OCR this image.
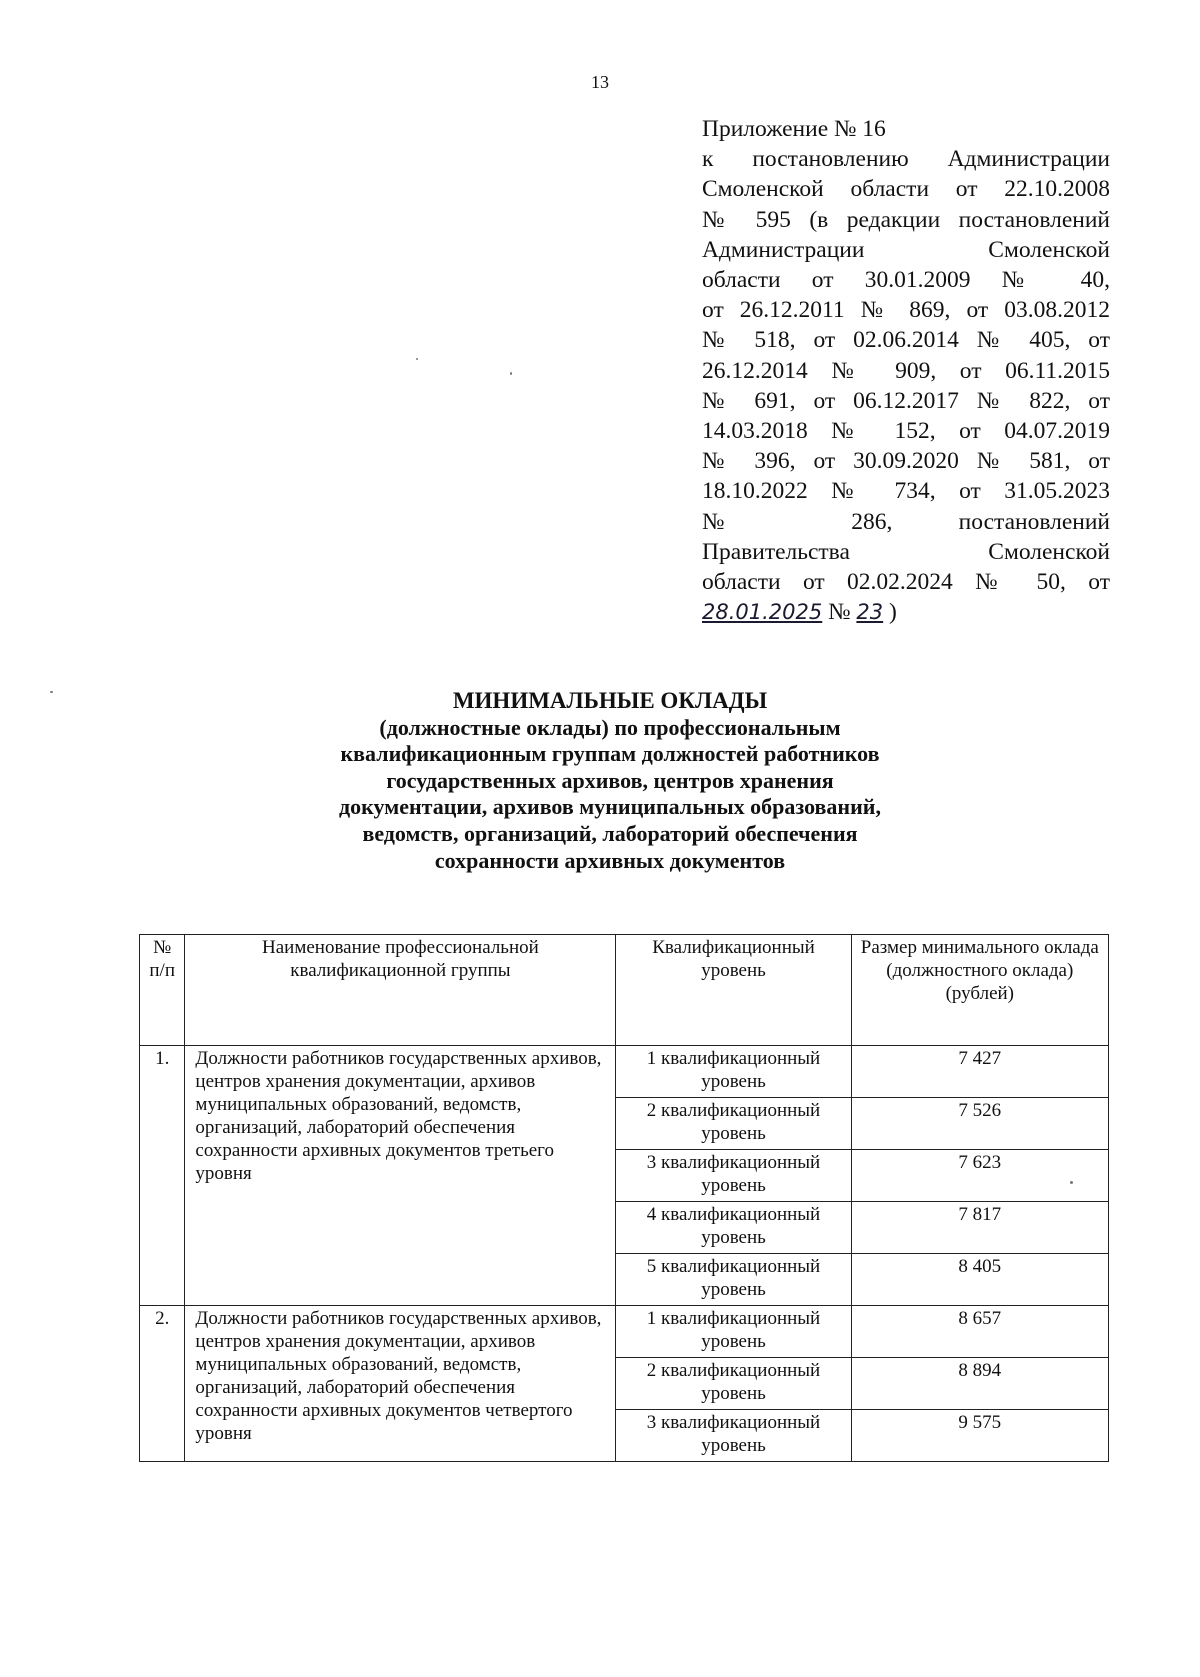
13
Приложение № 16
к постановлению Администрации
Смоленской области от 22.10.2008
№ 595 (в редакции постановлений
Администрации Смоленской
области от 30.01.2009 № 40,
от 26.12.2011 № 869, от 03.08.2012
№ 518, от 02.06.2014 № 405, от
26.12.2014 № 909, от 06.11.2015
№ 691, от 06.12.2017 № 822, от
14.03.2018 № 152, от 04.07.2019
№ 396, от 30.09.2020 № 581, от
18.10.2022 № 734, от 31.05.2023
№ 286, постановлений
Правительства Смоленской
области от 02.02.2024 № 50, от
28.01.2025 № 23 )
МИНИМАЛЬНЫЕ ОКЛАДЫ
(должностные оклады) по профессиональным
квалификационным группам должностей работников
государственных архивов, центров хранения
документации, архивов муниципальных образований,
ведомств, организаций, лабораторий обеспечения
сохранности архивных документов
№ п/п	Наименование профессиональной квалификационной группы	Квалификационный уровень	Размер минимального оклада (должностного оклада) (рублей)
1.	Должности работников государственных архивов, центров хранения документации, архивов муниципальных образований, ведомств, организаций, лабораторий обеспечения сохранности архивных документов третьего уровня	1 квалификационный уровень	7 427
		2 квалификационный уровень	7 526
		3 квалификационный уровень	7 623
		4 квалификационный уровень	7 817
		5 квалификационный уровень	8 405
2.	Должности работников государственных архивов, центров хранения документации, архивов муниципальных образований, ведомств, организаций, лабораторий обеспечения сохранности архивных документов четвертого уровня	1 квалификационный уровень	8 657
		2 квалификационный уровень	8 894
		3 квалификационный уровень	9 575
